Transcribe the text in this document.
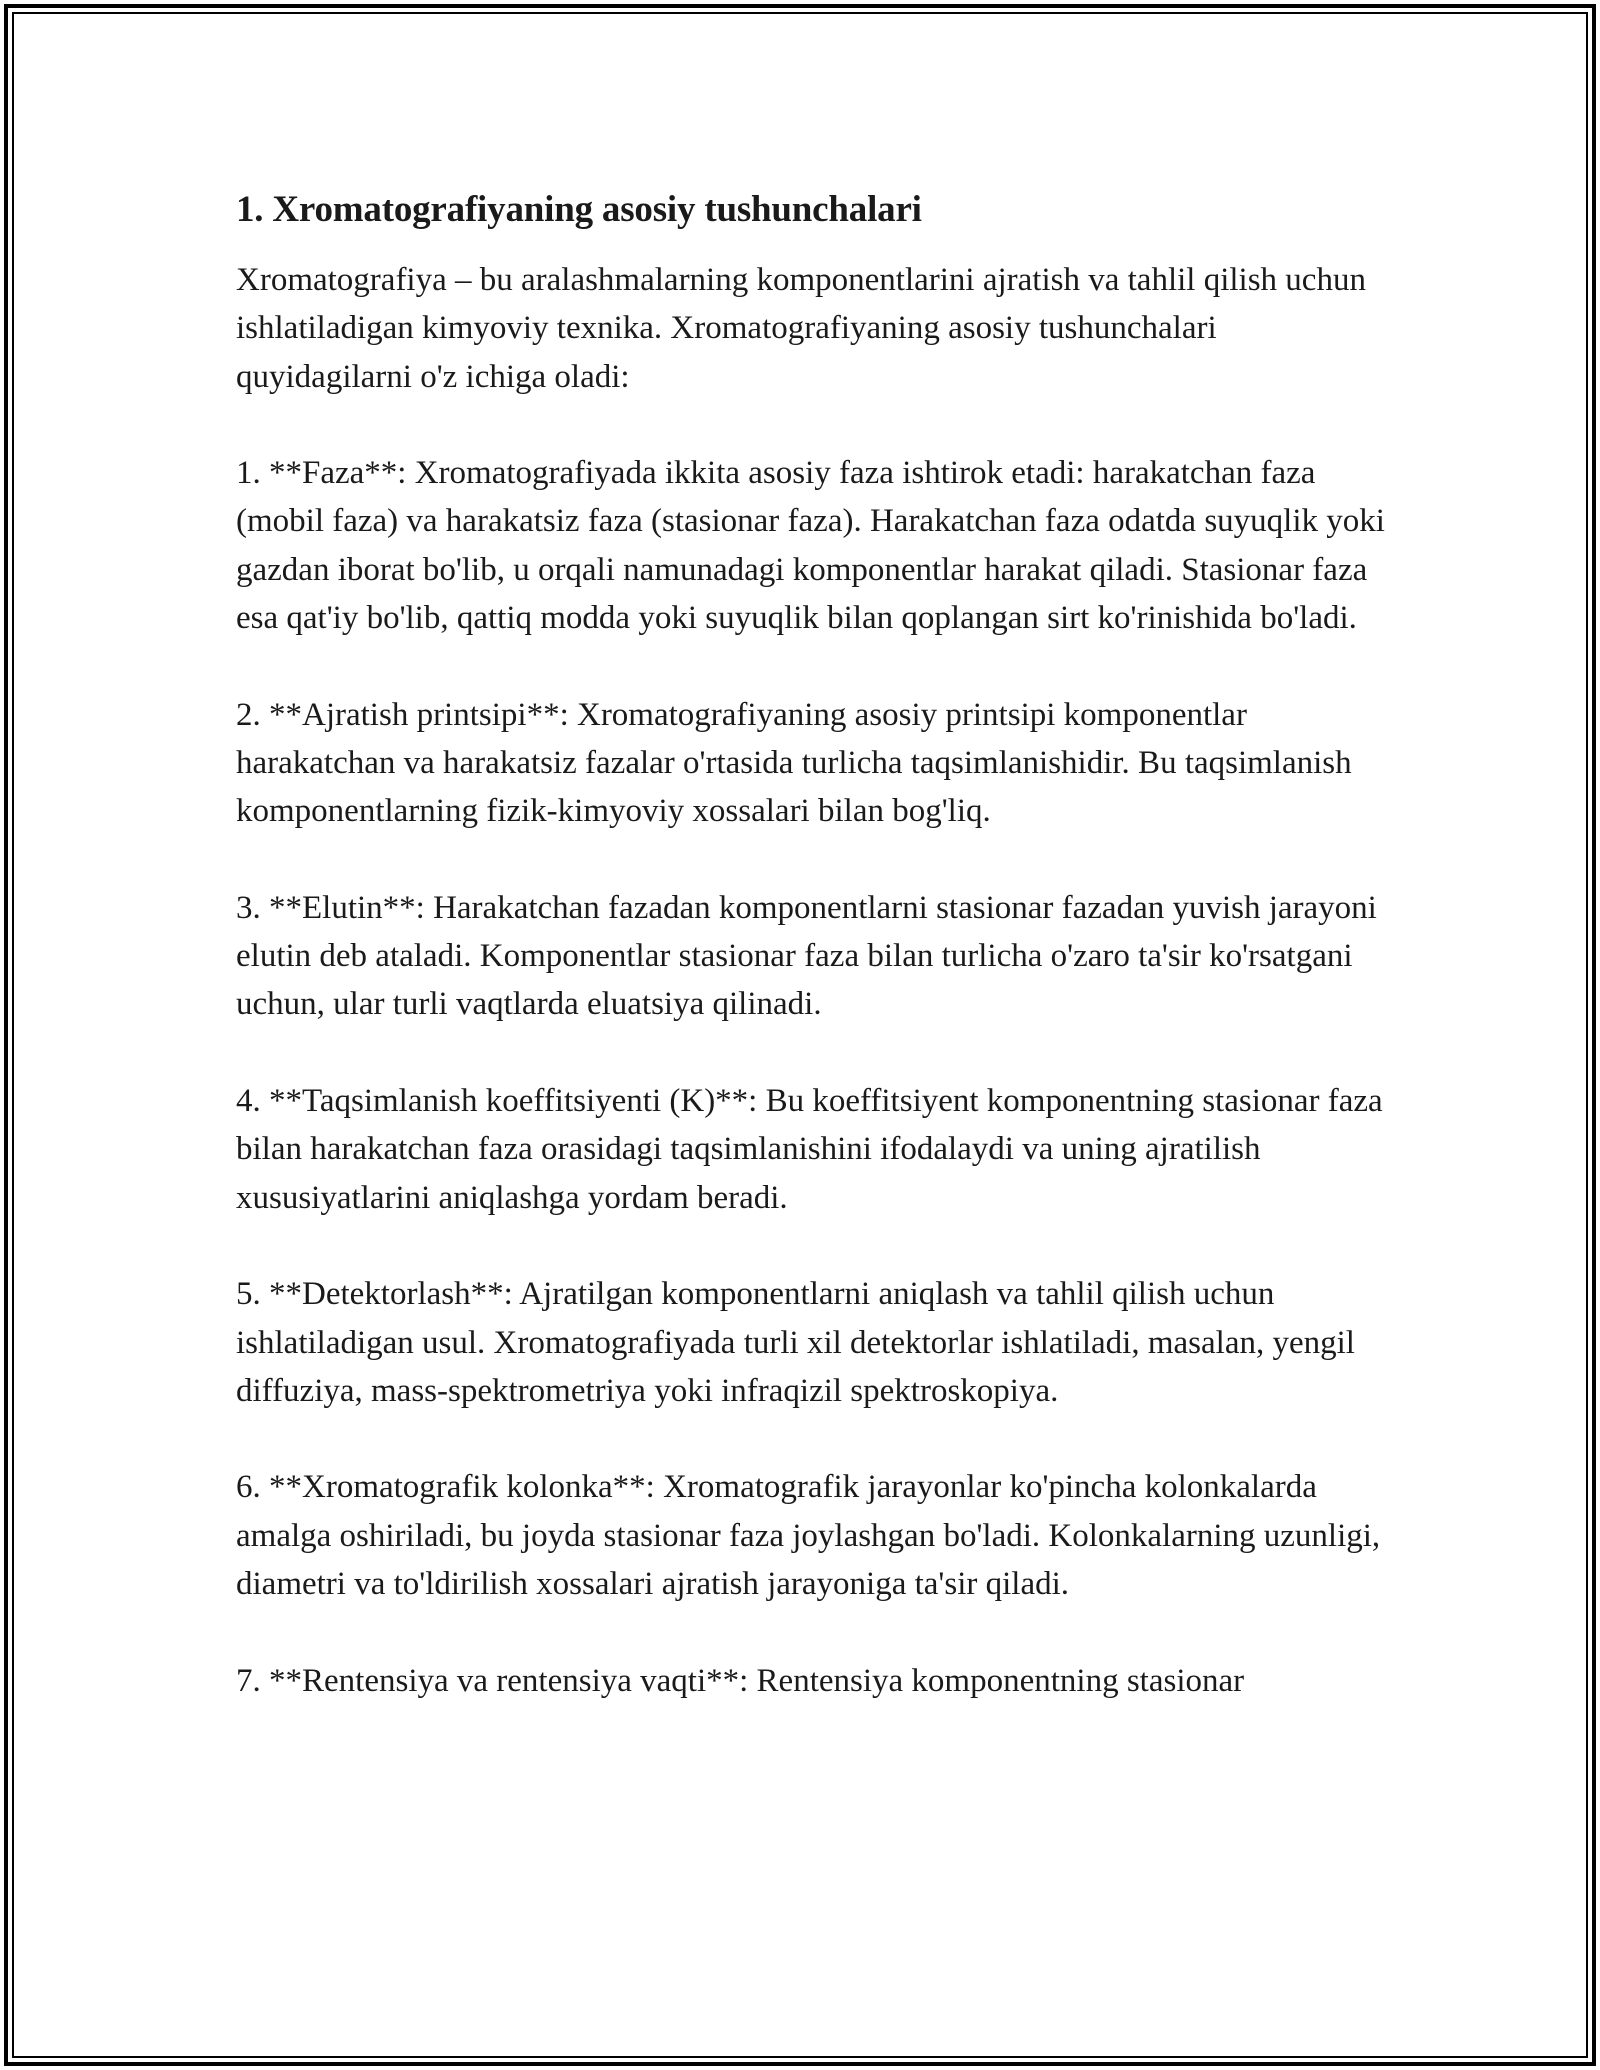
1. Xromatografiyaning asosiy tushunchalari
Xromatografiya – bu aralashmalarning komponentlarini ajratish va tahlil qilish uchun ishlatiladigan kimyoviy texnika. Xromatografiyaning asosiy tushunchalari quyidagilarni o'z ichiga oladi:
1. **Faza**: Xromatografiyada ikkita asosiy faza ishtirok etadi: harakatchan faza (mobil faza) va harakatsiz faza (stasionar faza). Harakatchan faza odatda suyuqlik yoki gazdan iborat bo'lib, u orqali namunadagi komponentlar harakat qiladi. Stasionar faza esa qat'iy bo'lib, qattiq modda yoki suyuqlik bilan qoplangan sirt ko'rinishida bo'ladi.
2. **Ajratish printsipi**: Xromatografiyaning asosiy printsipi komponentlar harakatchan va harakatsiz fazalar o'rtasida turlicha taqsimlanishidir. Bu taqsimlanish komponentlarning fizik-kimyoviy xossalari bilan bog'liq.
3. **Elutin**: Harakatchan fazadan komponentlarni stasionar fazadan yuvish jarayoni elutin deb ataladi. Komponentlar stasionar faza bilan turlicha o'zaro ta'sir ko'rsatgani uchun, ular turli vaqtlarda eluatsiya qilinadi.
4. **Taqsimlanish koeffitsiyenti (K)**: Bu koeffitsiyent komponentning stasionar faza bilan harakatchan faza orasidagi taqsimlanishini ifodalaydi va uning ajratilish xususiyatlarini aniqlashga yordam beradi.
5. **Detektorlash**: Ajratilgan komponentlarni aniqlash va tahlil qilish uchun ishlatiladigan usul. Xromatografiyada turli xil detektorlar ishlatiladi, masalan, yengil diffuziya, mass-spektrometriya yoki infraqizil spektroskopiya.
6. **Xromatografik kolonka**: Xromatografik jarayonlar ko'pincha kolonkalarda amalga oshiriladi, bu joyda stasionar faza joylashgan bo'ladi. Kolonkalarning uzunligi, diametri va to'ldirilish xossalari ajratish jarayoniga ta'sir qiladi.
7. **Rentensiya va rentensiya vaqti**: Rentensiya komponentning stasionar
